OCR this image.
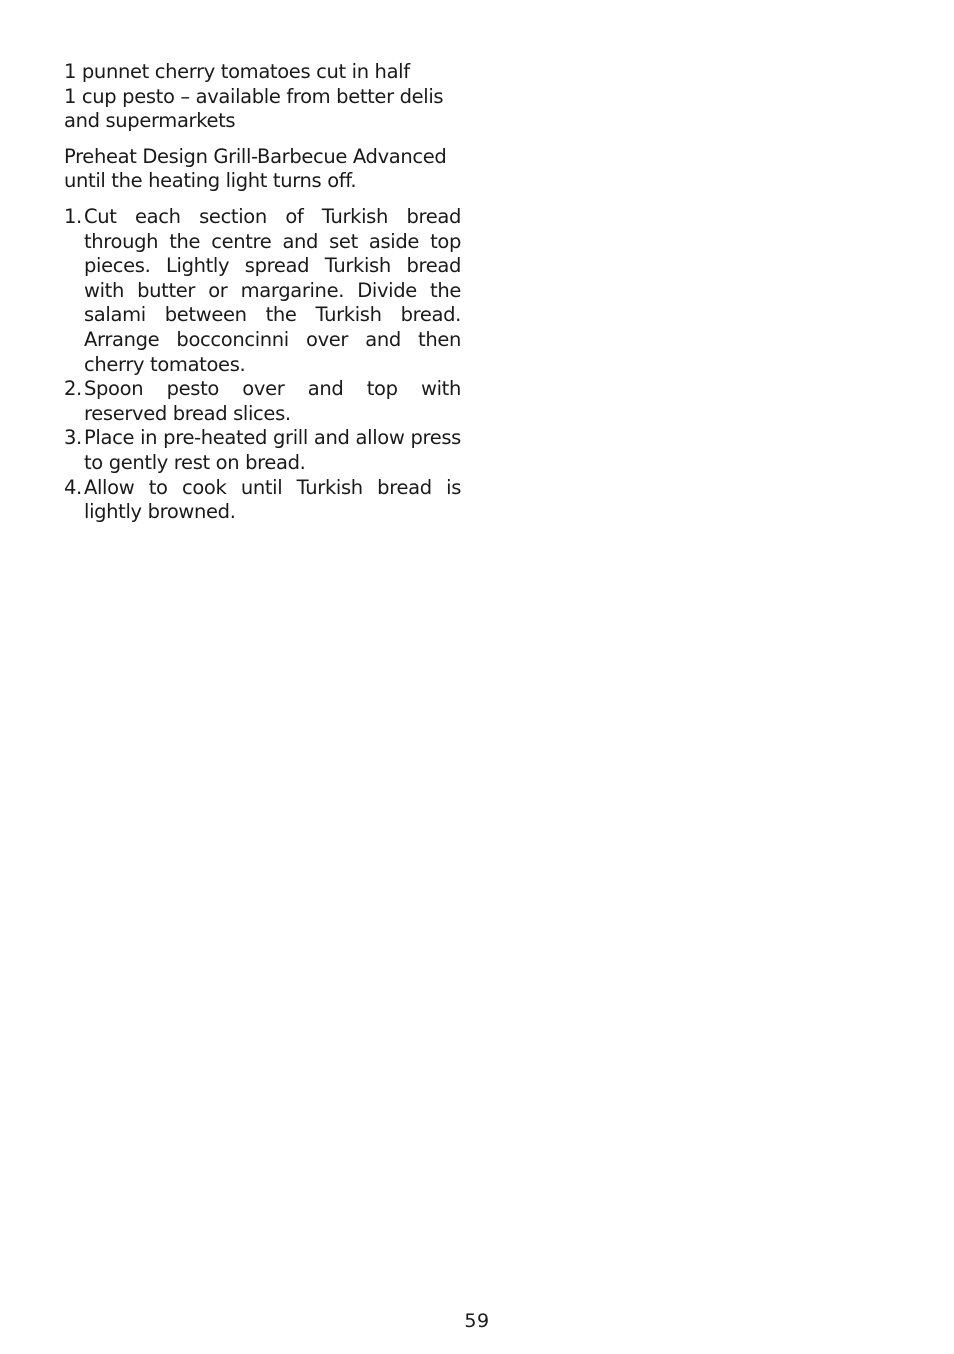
1 punnet cherry tomatoes cut in half

1 cup pesto – available from better delis and supermarkets

Preheat Design Grill-Barbecue Advanced until the heating light turns off.

1. Cut each section of Turkish bread through the centre and set aside top pieces. Lightly spread Turkish bread with butter or margarine. Divide the salami between the Turkish bread. Arrange bocconcinni over and then cherry tomatoes.
2. Spoon pesto over and top with reserved bread slices.
3. Place in pre-heated grill and allow press to gently rest on bread.
4. Allow to cook until Turkish bread is lightly browned.
59
